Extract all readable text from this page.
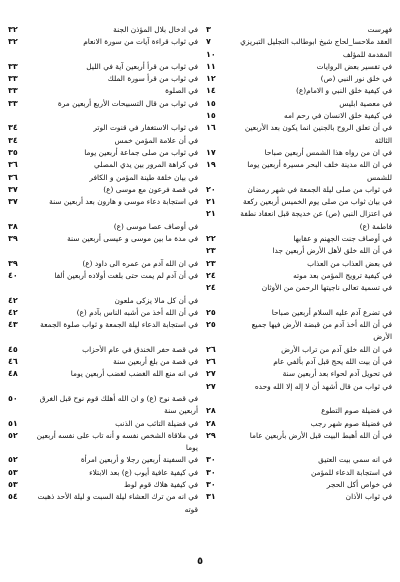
٣	فهرست
٧	العقد ملاحسا_لحاج شيخ ابوطالب التجليل التبريزي
١٠	المقدمة للمؤلف
١١	في تفسير بعض الروايات
١٢	في خلق نور النبي (ص)
١٤	في كيفية خلق النبي و الامام(ع)
١٥	في معصية ابليس
١٥	في كيفية خلق الانسان في رحم امه
١٦	في أن تعلق الروح بالجنين انما يكون بعد الأربعين الثالثة
١٧	في ان من رواه هذا الشمس أربعين صباحا
١٩	في ان الله مدينة خلف البحر مسيرة أربعين يوما للشمس
٢٠	في ثواب من صلى ليلة الجمعة في شهر رمضان
٢١	في بيان ثواب من صلى يوم الخميس أربعين ركعة
٢١	في اعتزال النبي (ص) عن خديجة قبل انعقاد نطفة فاطمة (ع)
٢٢	في أوصاف جنت الجهنم و عقابها
٢٣	في أن الله خلق لأهل الأرض أربعين جدا
٢٣	في بعض العذاب من العذاب
٢٤	في كيفية ترويج المؤمن بعد موته
٢٤	في تسمية تعالى ناجيتها الرحمن من الأوثان
٢٥	في تضرع آدم عليه السلام أربعين صباحا
٢٥	في أن الله أخذ آدم من قبضة الأرض فيها جميع الأرض
٢٦	في ان الله خلق آدم من تراب الأرض
٢٦	في أن بيت الله يحج قبل آدم بألفي عام
٢٧	في تحويل آدم لحواء بعد أربعين سنة
٢٧	في ثواب من قال أشهد أن لا إله إلا الله وحده
٢٨	في فضيلة صوم التطوع
٢٨	في فضيلة صوم شهر رجب
٢٩	في أن الله أهبط البيت قبل الأرض بأربعين عاما
٣٠	في انه سمي بيت العتيق
٣٠	في استجابة الدعاء للمؤمن
٣٠	في خواص أكل الحجر
٣١	في ثواب الأذان
٣٢	في ادخال بلال المؤذن الجنة
٣٢	في ثواب قراءة آيات من سورة الانعام
٣٣	في ثواب من قرأ أربعين آية في الليل
٣٣	في ثواب من قرأ سورة الملك
٣٣	في الصلوة
٣٣	في ثواب من قال التسبيحات الأربع أربعين مرة
٣٤	في ثواب الاستغفار في قنوت الوتر
٣٤	في أن علامة المؤمن خمس
٣٥	في ثواب من صلى جماعة أربعين يوما
٣٦	في كراهة المرور بين يدي المصلي
٣٦	في بيان خلقة طينة المؤمن و الكافر
٣٧	في قصة فرعون مع موسى (ع)
٣٧	في استجابة دعاء موسى و هارون بعد أربعين سنة
٣٨	في أوصاف عصا موسى (ع)
٣٩	في مدة ما بين موسى و عيسى أربعين سنة
٣٩	في ان الله آدم من عمره الى داود (ع)
٤٠	في أن آدم لم يمت حتى بلغت أولاده أربعين ألفا
٤٢	في أن كل مالا يزكى ملعون
٤٢	في أن الله أخذ من أشبه الناس بآدم (ع)
٤٣	في استجابة الدعاء ليلة الجمعة و ثواب صلوة الجمعة
٤٥	في قصة حفر الخندق في عام الأحزاب
٤٦	في قصة من بلغ أربعين سنة
٤٨	في انه منع الله الغضب لغضب أربعين يوما
٥٠	في قصة نوح (ع) و ان الله أهلك قوم نوح قبل الغرق أربعين سنة
٥١	في فضيلة التائب من الذنب
٥٢	في ملاقاة الشخص نفسه و أنه تاب على نفسه أربعين يوما
٥٢	في السفينة أربعين رجلا و أربعين امرأة
٥٣	في كيفية عافية أيوب (ع) بعد الابتلاء
٥٣	في كيفية هلاك قوم لوط
٥٤	في انه من ترك العشاء ليلة السبت و ليلة الأحد ذهبت قوته
٥
